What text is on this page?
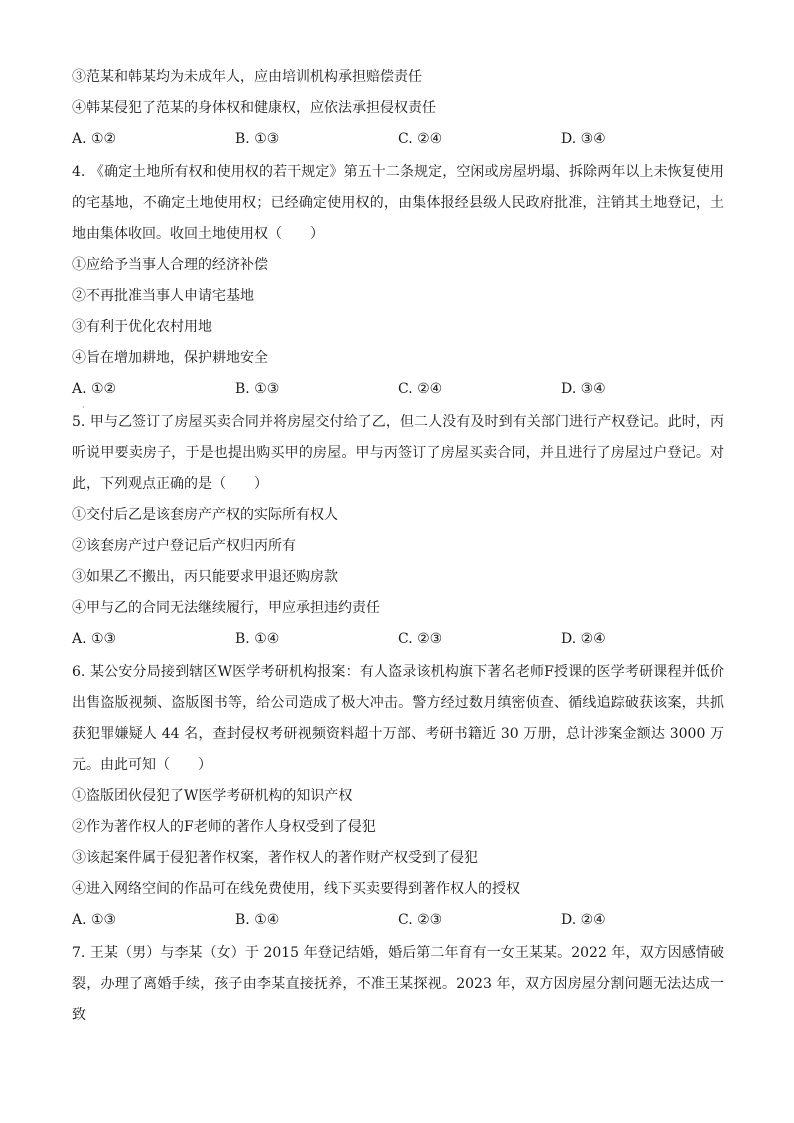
③范某和韩某均为未成年人，应由培训机构承担赔偿责任
④韩某侵犯了范某的身体权和健康权，应依法承担侵权责任
A. ①②	B. ①③	C. ②④	D. ③④
4. 《确定土地所有权和使用权的若干规定》第五十二条规定，空闲或房屋坍塌、拆除两年以上未恢复使用的宅基地，不确定土地使用权；已经确定使用权的，由集体报经县级人民政府批准，注销其土地登记，土地由集体收回。收回土地使用权（　　）
①应给予当事人合理的经济补偿
②不再批准当事人申请宅基地
③有利于优化农村用地
④旨在增加耕地，保护耕地安全
A. ①②	B. ①③	C. ②④	D. ③④
·
5. 甲与乙签订了房屋买卖合同并将房屋交付给了乙，但二人没有及时到有关部门进行产权登记。此时，丙听说甲要卖房子，于是也提出购买甲的房屋。甲与丙签订了房屋买卖合同，并且进行了房屋过户登记。对此，下列观点正确的是（　　）
①交付后乙是该套房产产权的实际所有权人
②该套房产过户登记后产权归丙所有
③如果乙不搬出，丙只能要求甲退还购房款
④甲与乙的合同无法继续履行，甲应承担违约责任
A. ①③	B. ①④	C. ②③	D. ②④
6. 某公安分局接到辖区W医学考研机构报案：有人盗录该机构旗下著名老师F授课的医学考研课程并低价出售盗版视频、盗版图书等，给公司造成了极大冲击。警方经过数月缜密侦查、循线追踪破获该案，共抓获犯罪嫌疑人 44 名，查封侵权考研视频资料超十万部、考研书籍近 30 万册，总计涉案金额达 3000 万元。由此可知（　　）
①盗版团伙侵犯了W医学考研机构的知识产权
②作为著作权人的F老师的著作人身权受到了侵犯
③该起案件属于侵犯著作权案，著作权人的著作财产权受到了侵犯
④进入网络空间的作品可在线免费使用，线下买卖要得到著作权人的授权
A. ①③	B. ①④	C. ②③	D. ②④
7. 王某（男）与李某（女）于 2015 年登记结婚，婚后第二年育有一女王某某。2022 年，双方因感情破裂，办理了离婚手续，孩子由李某直接抚养，不准王某探视。2023 年，双方因房屋分割问题无法达成一致
